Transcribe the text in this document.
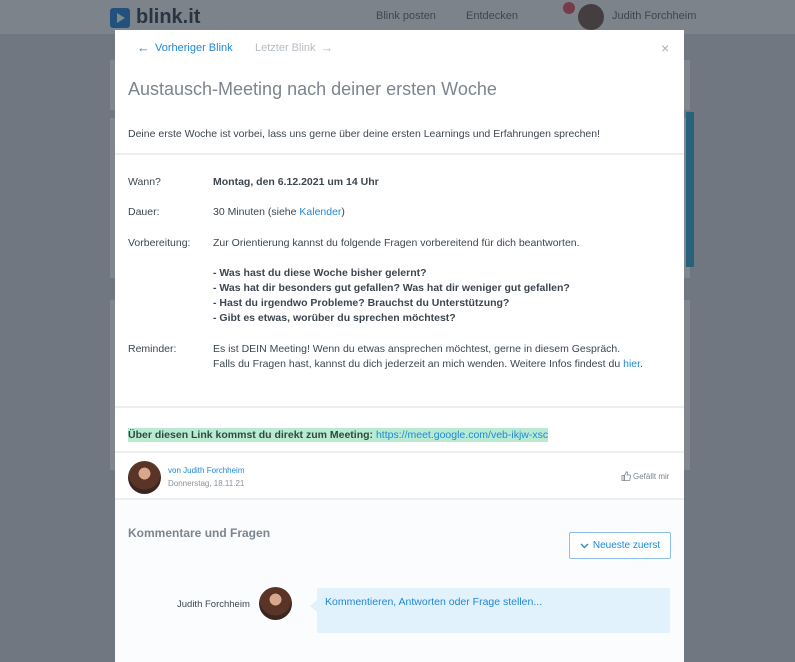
← Vorheriger Blink Letzter Blink →	×
Austausch-Meeting nach deiner ersten Woche

Deine erste Woche ist vorbei, lass uns gerne über deine ersten Learnings und Erfahrungen sprechen!

Wann?	Montag, den 6.12.2021 um 14 Uhr
Dauer:	30 Minuten (siehe Kalender)
Vorbereitung: Zur Orientierung kannst du folgende Fragen vorbereitend für dich beantworten.
- Was hast du diese Woche bisher gelernt?
- Was hat dir besonders gut gefallen? Was hat dir weniger gut gefallen?
- Hast du irgendwo Probleme? Brauchst du Unterstützung?
- Gibt es etwas, worüber du sprechen möchtest?
Reminder:	Es ist DEIN Meeting! Wenn du etwas ansprechen möchtest, gerne in diesem Gespräch.
Falls du Fragen hast, kannst du dich jederzeit an mich wenden. Weitere Infos findest du hier.
Über diesen Link kommst du direkt zum Meeting: https://meet.google.com/veb-ikjw-xsc
von Judith Forchheim
Donnerstag, 18.11.21
Gefällt mir
Kommentare und Fragen
Neueste zuerst
Judith Forchheim	Kommentieren, Antworten oder Frage stellen...
